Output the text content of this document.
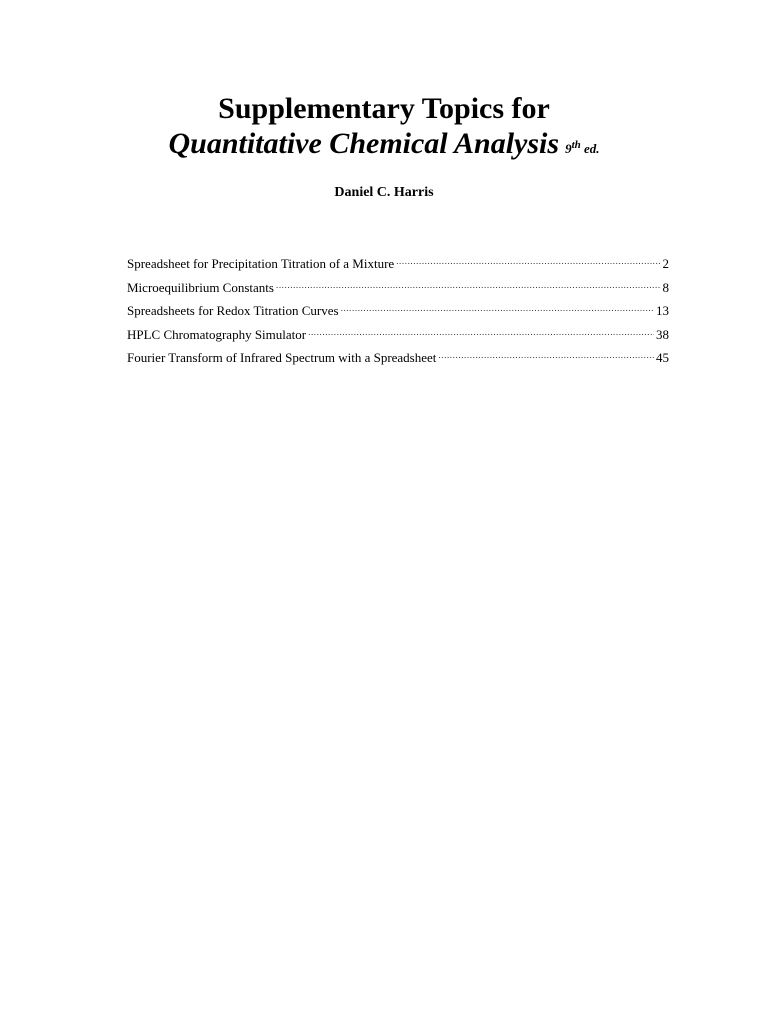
Supplementary Topics for

Quantitative Chemical Analysis 9th ed.

Daniel C. Harris
Spreadsheet for Precipitation Titration of a Mixture .....	2
Microequilibrium Constants .....	8
Spreadsheets for Redox Titration Curves .....	13
HPLC Chromatography Simulator .....	38
Fourier Transform of Infrared Spectrum with a Spreadsheet .....	45
